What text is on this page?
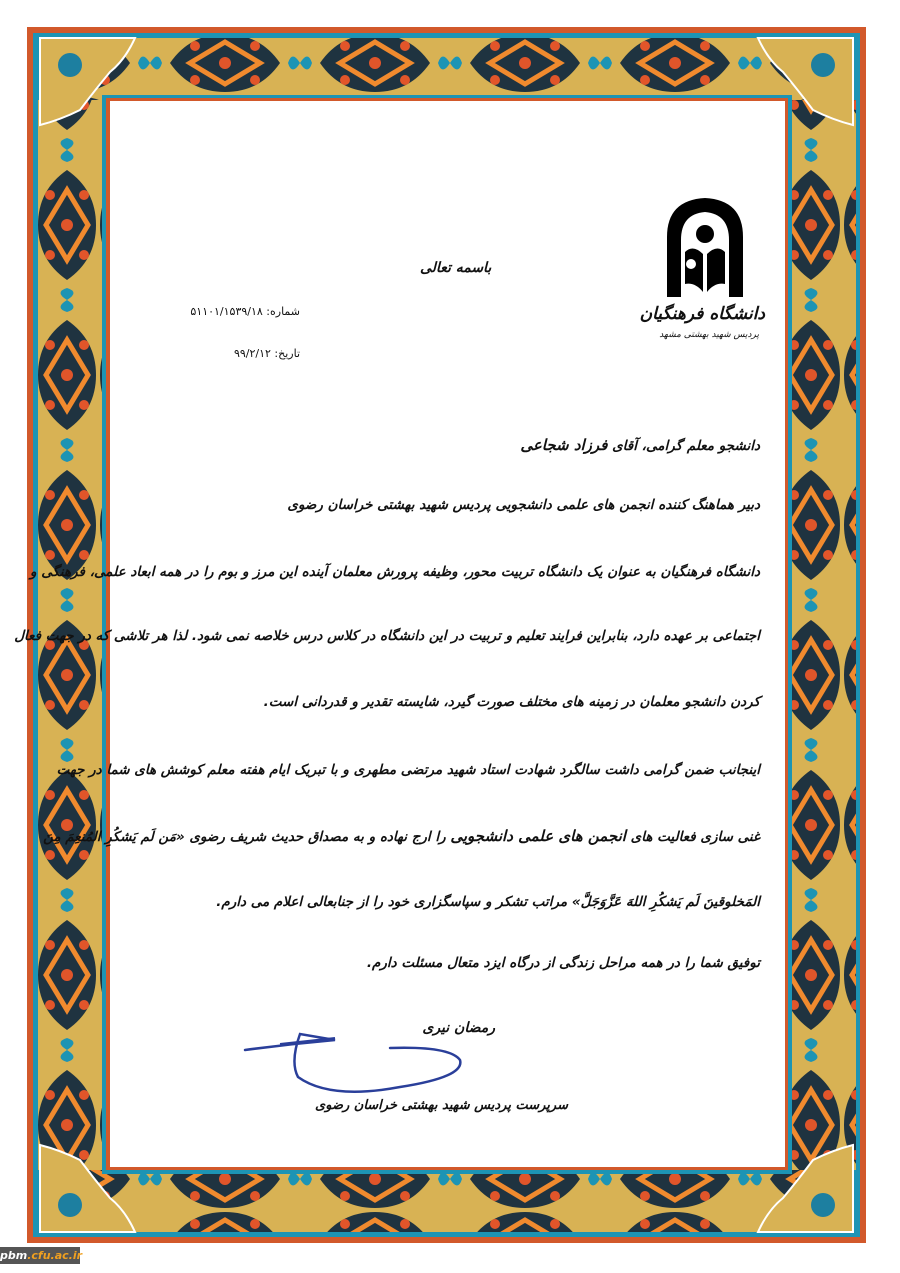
دانشگاه فرهنگیان
پردیس شهید بهشتی مشهد
باسمه تعالی
شماره: ۵۱۱۰۱/۱۵۳۹/۱۸
تاریخ: ۹۹/۲/۱۲
دانشجو معلم گرامی، آقای فرزاد شجاعی
دبیر هماهنگ کننده انجمن های علمی دانشجویی پردیس شهید بهشتی خراسان رضوی
دانشگاه فرهنگیان به عنوان یک دانشگاه تربیت محور، وظیفه پرورش معلمان آینده این مرز و بوم را در همه ابعاد علمی، فرهنگی و
اجتماعی بر عهده دارد، بنابراین فرایند تعلیم و تربیت در این دانشگاه در کلاس درس خلاصه نمی شود. لذا هر تلاشی که در جهت فعال
کردن دانشجو معلمان در زمینه های مختلف صورت گیرد، شایسته تقدیر و قدردانی است.
اینجانب ضمن گرامی داشت سالگرد شهادت استاد شهید مرتضی مطهری و با تبریک ایام هفته معلم کوشش های شما در جهت
غنی سازی فعالیت های انجمن های علمی دانشجویی را ارج نهاده و به مصداق حدیث شریف رضوی «مَن لَم یَشکُرِ المُنعِمَ مِنَ
المَخلوقینَ لَم یَشکُرِ اللهَ عَزَّوَجَلَّ» مراتب تشکر و سپاسگزاری خود را از جنابعالی اعلام می دارم.
توفیق شما را در همه مراحل زندگی از درگاه ایزد متعال مسئلت دارم.
رمضان نیری
سرپرست پردیس شهید بهشتی خراسان رضوی
pbm.cfu.ac.ir
